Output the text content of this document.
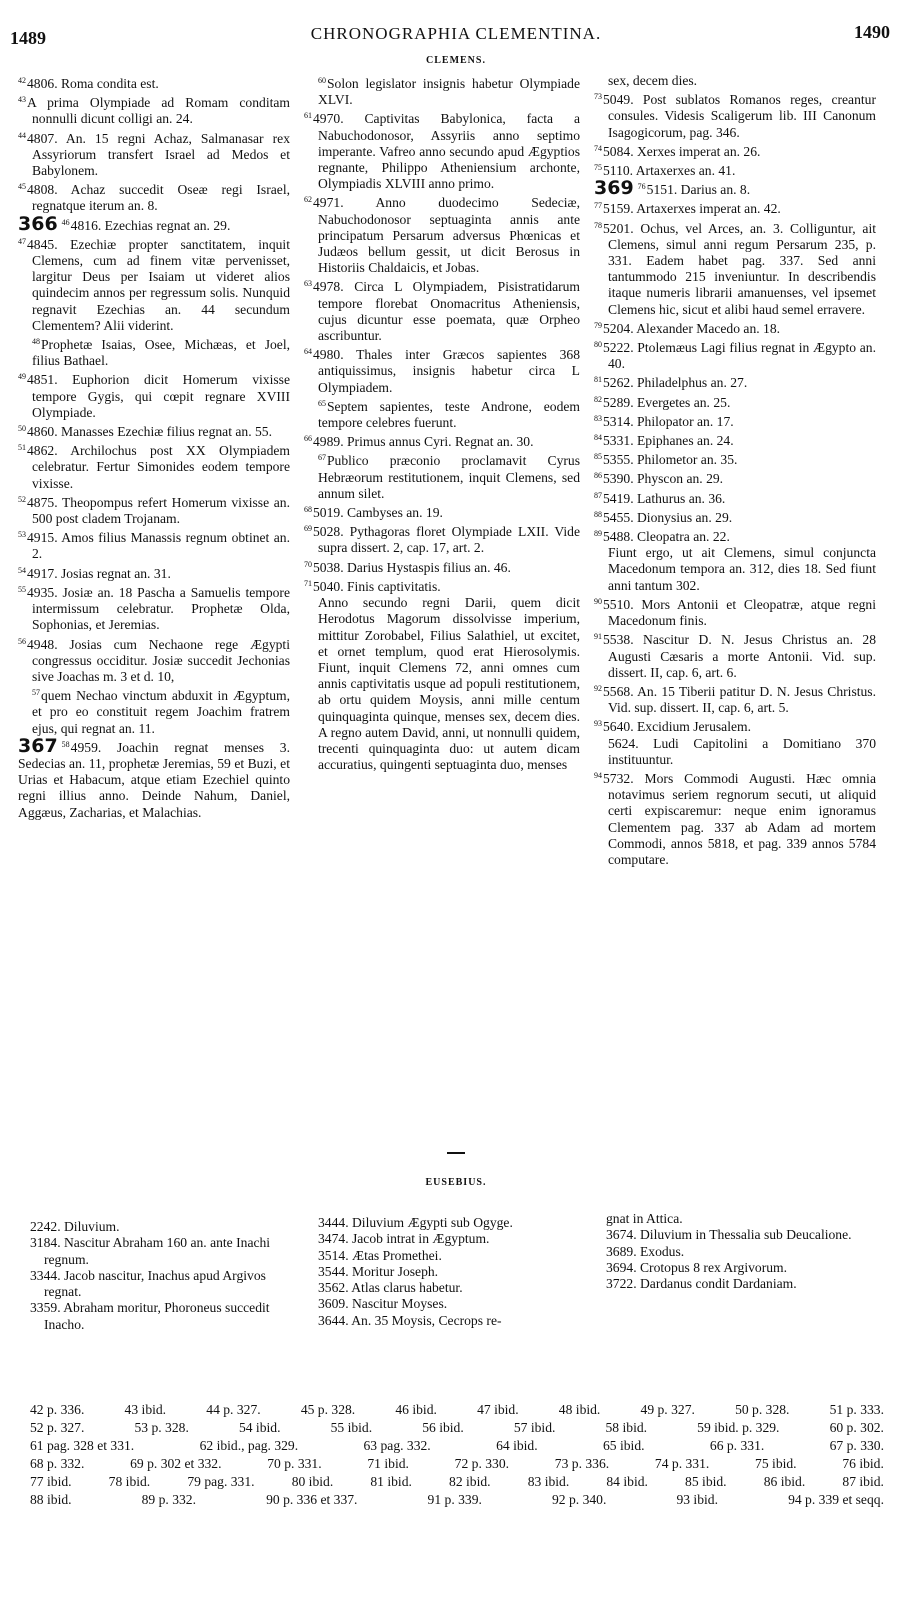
1489	CHRONOGRAPHIA CLEMENTINA.	1490
CLEMENS.

$^{42}$4806. Roma condita est.

$^{43}$A prima Olympiade ad Romam conditam nonnulli dicunt colligi an. 24.

$^{44}$4807. An. 15 regni Achaz, Salmanasar rex Assyriorum transfert Israel ad Medos et Babylonem.

$^{45}$4808. Achaz succedit Oseæ regi Israel, regnatque iterum an. 8.

366 $^{46}$4816. Ezechias regnat an. 29.

$^{47}$4845. Ezechiæ propter sanctitatem, inquit Clemens, cum ad finem vitæ pervenisset, largitur Deus per Isaiam ut videret alios quindecim annos per regressum solis. Nunquid regnavit Ezechias an. 44 secundum Clementem? Alii viderint.

$^{48}$Prophetæ Isaias, Osee, Michæas, et Joel, filius Bathael.

$^{49}$4851. Euphorion dicit Homerum vixisse tempore Gygis, qui cœpit regnare XVIII Olympiade.

$^{50}$4860. Manasses Ezechiæ filius regnat an. 55.

$^{51}$4862. Archilochus post XX Olympiadem celebratur. Fertur Simonides eodem tempore vixisse.

$^{52}$4875. Theopompus refert Homerum vixisse an. 500 post cladem Trojanam.

$^{53}$4915. Amos filius Manassis regnum obtinet an. 2.

$^{54}$4917. Josias regnat an. 31.

$^{55}$4935. Josiæ an. 18 Pascha a Samuelis tempore intermissum celebratur. Prophetæ Olda, Sophonias, et Jeremias.

$^{56}$4948. Josias cum Nechaone rege Ægypti congressus occiditur. Josiæ succedit Jechonias sive Joachas m. 3 et d. 10,

$^{57}$quem Nechao vinctum abduxit in Ægyptum, et pro eo constituit regem Joachim fratrem ejus, qui regnat an. 11.

367 $^{58}$4959. Joachin regnat menses 3. Sedecias an. 11, prophetæ Jeremias, 59 et Buzi, et Urias et Habacum, atque etiam Ezechiel quinto regni illius anno. Deinde Nahum, Daniel, Aggæus, Zacharias, et Malachias.

$^{60}$Solon legislator insignis habetur Olympiade XLVI.

$^{61}$4970. Captivitas Babylonica, facta a Nabuchodonosor, Assyriis anno septimo imperante. Vafreo anno secundo apud Ægyptios regnante, Philippo Atheniensium archonte, Olympiadis XLVIII anno primo.

$^{62}$4971. Anno duodecimo Sedeciæ, Nabuchodonosor septuaginta annis ante principatum Persarum adversus Phœnicas et Judæos bellum gessit, ut dicit Berosus in Historiis Chaldaicis, et Jobas.

$^{63}$4978. Circa L Olympiadem, Pisistratidarum tempore florebat Onomacritus Atheniensis, cujus dicuntur esse poemata, quæ Orpheo ascribuntur.

$^{64}$4980. Thales inter Græcos sapientes 368 antiquissimus, insignis habetur circa L Olympiadem.

$^{65}$Septem sapientes, teste Androne, eodem tempore celebres fuerunt.

$^{66}$4989. Primus annus Cyri. Regnat an. 30.

$^{67}$Publico præconio proclamavit Cyrus Hebræorum restitutionem, inquit Clemens, sed annum silet.

$^{68}$5019. Cambyses an. 19.

$^{69}$5028. Pythagoras floret Olympiade LXII. Vide supra dissert. 2, cap. 17, art. 2.

$^{70}$5038. Darius Hystaspis filius an. 46.

$^{71}$5040. Finis captivitatis.

Anno secundo regni Darii, quem dicit Herodotus Magorum dissolvisse imperium, mittitur Zorobabel, Filius Salathiel, ut excitet, et ornet templum, quod erat Hierosolymis. Fiunt, inquit Clemens 72, anni omnes cum annis captivitatis usque ad populi restitutionem, ab ortu quidem Moysis, anni mille centum quinquaginta quinque, menses sex, decem dies. A regno autem David, anni, ut nonnulli quidem, trecenti quinquaginta duo: ut autem dicam accuratius, quingenti septuaginta duo, menses

sex, decem dies.

$^{73}$5049. Post sublatos Romanos reges, creantur consules. Videsis Scaligerum lib. III Canonum Isagogicorum, pag. 346.

$^{74}$5084. Xerxes imperat an. 26.

$^{75}$5110. Artaxerxes an. 41.

369 $^{76}$5151. Darius an. 8.

$^{77}$5159. Artaxerxes imperat an. 42.

$^{78}$5201. Ochus, vel Arces, an. 3. Colliguntur, ait Clemens, simul anni regum Persarum 235, p. 331. Eadem habet pag. 337. Sed anni tantummodo 215 inveniuntur. In describendis itaque numeris librarii amanuenses, vel ipsemet Clemens hic, sicut et alibi haud semel erravere.

$^{79}$5204. Alexander Macedo an. 18.

$^{80}$5222. Ptolemæus Lagi filius regnat in Ægypto an. 40.

$^{81}$5262. Philadelphus an. 27.

$^{82}$5289. Evergetes an. 25.

$^{83}$5314. Philopator an. 17.

$^{84}$5331. Epiphanes an. 24.

$^{85}$5355. Philometor an. 35.

$^{86}$5390. Physcon an. 29.

$^{87}$5419. Lathurus an. 36.

$^{88}$5455. Dionysius an. 29.

$^{89}$5488. Cleopatra an. 22.

Fiunt ergo, ut ait Clemens, simul conjuncta Macedonum tempora an. 312, dies 18. Sed fiunt anni tantum 302.

$^{90}$5510. Mors Antonii et Cleopatræ, atque regni Macedonum finis.

$^{91}$5538. Nascitur D. N. Jesus Christus an. 28 Augusti Cæsaris a morte Antonii. Vid. sup. dissert. II, cap. 6, art. 6.

$^{92}$5568. An. 15 Tiberii patitur D. N. Jesus Christus. Vid. sup. dissert. II, cap. 6, art. 5.

$^{93}$5640. Excidium Jerusalem.

5624. Ludi Capitolini a Domitiano 370 instituuntur.

$^{94}$5732. Mors Commodi Augusti. Hæc omnia notavimus seriem regnorum secuti, ut aliquid certi expiscaremur: neque enim ignoramus Clementem pag. 337 ab Adam ad mortem Commodi, annos 5818, et pag. 339 annos 5784 computare.

EUSEBIUS.

2242. Diluvium.

3184. Nascitur Abraham 160 an. ante Inachi regnum.

3344. Jacob nascitur, Inachus apud Argivos regnat.

3359. Abraham moritur, Phoroneus succedit Inacho.

3444. Diluvium Ægypti sub Ogyge.

3474. Jacob intrat in Ægyptum.

3514. Ætas Promethei.

3544. Moritur Joseph.

3562. Atlas clarus habetur.

3609. Nascitur Moyses.

3644. An. 35 Moysis, Cecrops re-

gnat in Attica.

3674. Diluvium in Thessalia sub Deucalione.

3689. Exodus.

3694. Crotopus 8 rex Argivorum.

3722. Dardanus condit Dardaniam.

42 p. 336.	43 ibid.	44 p. 327.	45 p. 328.	46 ibid.	47 ibid.	48 ibid.	49 p. 327.	50 p. 328.	51 p. 333.
52 p. 327.	53 p. 328.	54 ibid.	55 ibid.	56 ibid.	57 ibid.	58 ibid.	59 ibid. p. 329.	60 p. 302.
61 pag. 328 et 331.	62 ibid., pag. 329.	63 pag. 332.	64 ibid.	65 ibid.	66 p. 331.	67 p. 330.
68 p. 332.	69 p. 302 et 332.	70 p. 331.	71 ibid.	72 p. 330.	73 p. 336.	74 p. 331.	75 ibid.	76 ibid.
77 ibid.	78 ibid.	79 pag. 331.	80 ibid.	81 ibid.	82 ibid.	83 ibid.	84 ibid.	85 ibid.	86 ibid.	87 ibid.
88 ibid.	89 p. 332.	90 p. 336 et 337.	91 p. 339.	92 p. 340.	93 ibid.	94 p. 339 et seqq.
